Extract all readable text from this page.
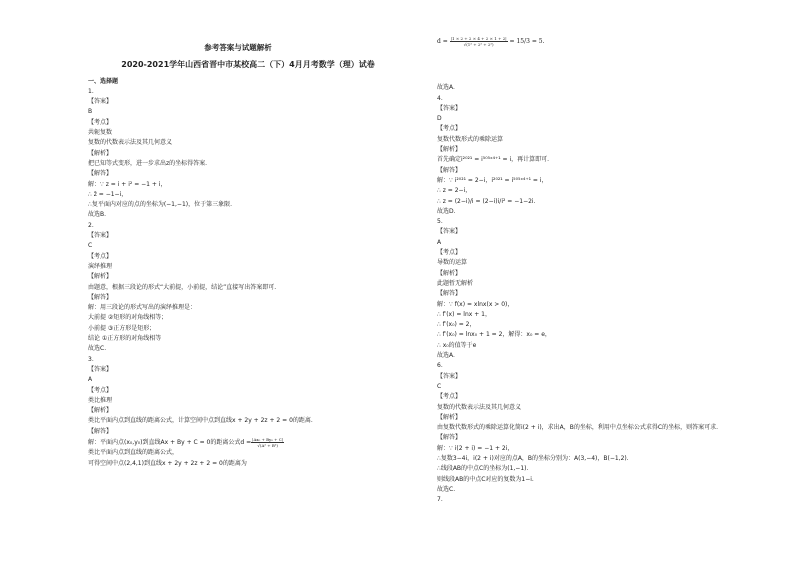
参考答案与试题解析
2020-2021学年山西省晋中市某校高二（下）4月月考数学（理）试卷
一、选择题
1.
【答案】
B
【考点】
共轭复数
复数的代数表示法及其几何意义
【解析】
把已知等式变形，进一步求出z的坐标得答案.
【解答】
解：∵ z = i + i² = −1 + i，
∴ z̄ = −1−i，
∴复平面内对应的点的坐标为(−1,−1)，位于第三象限.
故选B.
2.
【答案】
C
【考点】
演绎推理
【解析】
由题意，根据三段论的形式“大前提，小前提，结论”直接写出答案即可.
【解答】
解：用三段论的形式写出的演绎推理是：
大前提 ②矩形的对角线相等；
小前提 ③正方形是矩形；
结论 ①正方形的对角线相等
故选C.
3.
【答案】
A
【考点】
类比推理
【解析】
类比平面内点到直线的距离公式，计算空间中点到直线x + 2y + 2z + 2 = 0的距离.
【解答】
解：平面内点(x₀,y₀)到直线Ax + By + C = 0的距离公式$d = \frac{\text{|Ax₀ + By₀ + C|}}{\text{√(A² + B²)}}$
类比平面内点到直线的距离公式，
可得空间中点(2,4,1)到直线x + 2y + 2z + 2 = 0的距离为
$d = \frac{|1 \times 2 + 2 \times 4 + 2 \times 1 + 2|}{\text{√(1² + 2² + 2²)}} = 15/3 = 5$.
故选A.
4.
【答案】
D
【考点】
复数代数形式的乘除运算
【解析】
首先确定i²⁰²¹ = i⁵⁰⁵ˣ⁴⁺¹ = i，再计算即可.
【解答】
解：∵ i²⁰²¹ = 2−i，i²⁰²¹ = i⁵⁰⁵ˣ⁴⁺¹ = i，
∴ z = 2−i，
∴ z = (2−i)/i = (2−i)i/i² = −1−2i.
故选D.
5.
【答案】
A
【考点】
导数的运算
【解析】
此题暂无解析
【解答】
解：∵ f(x) = xlnx(x > 0)，
∴ f′(x) = lnx + 1，
∴ f′(x₀) = 2，
∴ f′(x₀) = lnx₀ + 1 = 2，解得：x₀ = e，
∴ x₀的值等于e
故选A.
6.
【答案】
C
【考点】
复数的代数表示法及其几何意义
【解析】
由复数代数形式的乘除运算化简i(2 + i)，求出A，B的坐标，利用中点坐标公式求得C的坐标，则答案可求.
【解答】
解：∵ i(2 + i) = −1 + 2i，
∴复数3−4i，i(2 + i)对应的点A，B的坐标分别为：A(3,−4)，B(−1,2).
∴线段AB的中点C的坐标为(1,−1).
则线段AB的中点C对应的复数为1−i.
故选C.
7.
